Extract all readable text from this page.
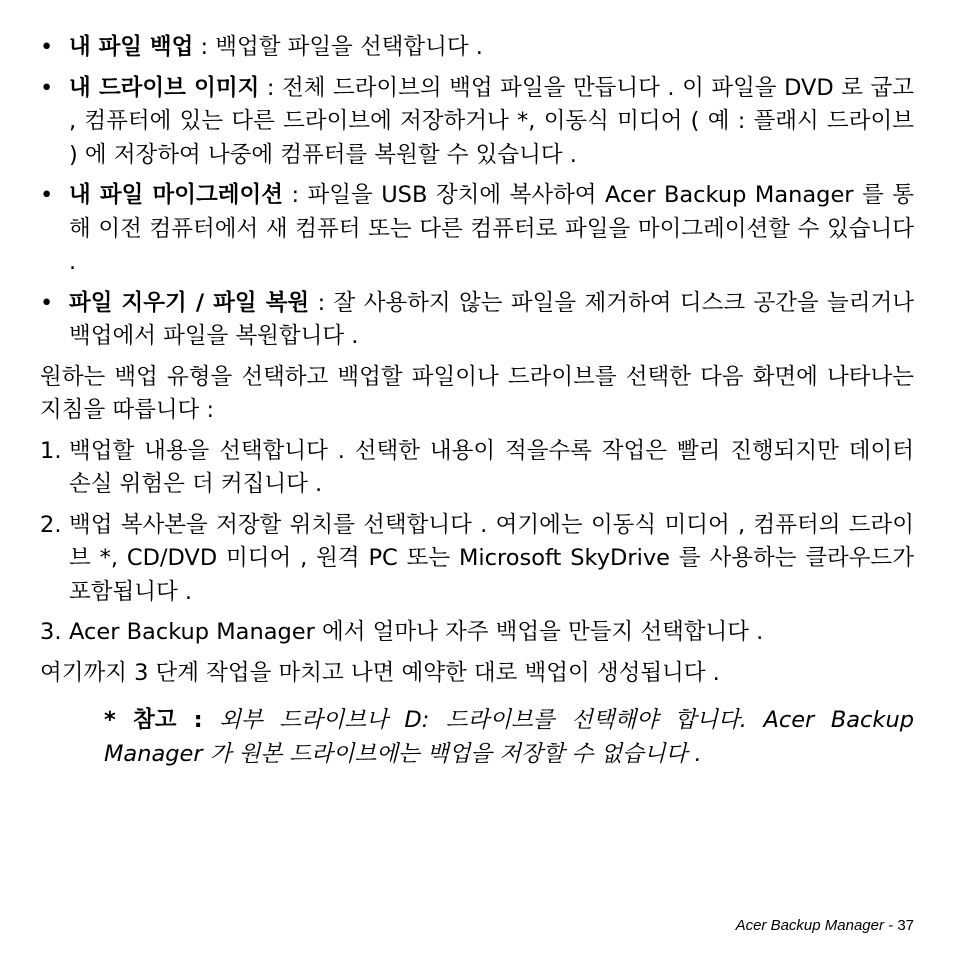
• 내 파일 백업 : 백업할 파일을 선택합니다 .
• 내 드라이브 이미지 : 전체 드라이브의 백업 파일을 만듭니다 . 이 파일을 DVD 로 굽고 , 컴퓨터에 있는 다른 드라이브에 저장하거나 *, 이동식 미디어 ( 예 : 플래시 드라이브 ) 에 저장하여 나중에 컴퓨터를 복원할 수 있습니다 .
• 내 파일 마이그레이션 : 파일을 USB 장치에 복사하여 Acer Backup Manager 를 통해 이전 컴퓨터에서 새 컴퓨터 또는 다른 컴퓨터로 파일을 마이그레이션할 수 있습니다 .
• 파일 지우기 / 파일 복원 : 잘 사용하지 않는 파일을 제거하여 디스크 공간을 늘리거나 백업에서 파일을 복원합니다 .

원하는 백업 유형을 선택하고 백업할 파일이나 드라이브를 선택한 다음 화면에 나타나는 지침을 따릅니다 :

1. 백업할 내용을 선택합니다 . 선택한 내용이 적을수록 작업은 빨리 진행되지만 데이터 손실 위험은 더 커집니다 .
2. 백업 복사본을 저장할 위치를 선택합니다 . 여기에는 이동식 미디어 , 컴퓨터의 드라이브 *, CD/DVD 미디어 , 원격 PC 또는 Microsoft SkyDrive 를 사용하는 클라우드가 포함됩니다 .
3. Acer Backup Manager 에서 얼마나 자주 백업을 만들지 선택합니다 .

여기까지 3 단계 작업을 마치고 나면 예약한 대로 백업이 생성됩니다 .

* 참고 : 외부 드라이브나 D: 드라이브를 선택해야 합니다. Acer Backup Manager 가 원본 드라이브에는 백업을 저장할 수 없습니다 .

Acer Backup Manager - 37
